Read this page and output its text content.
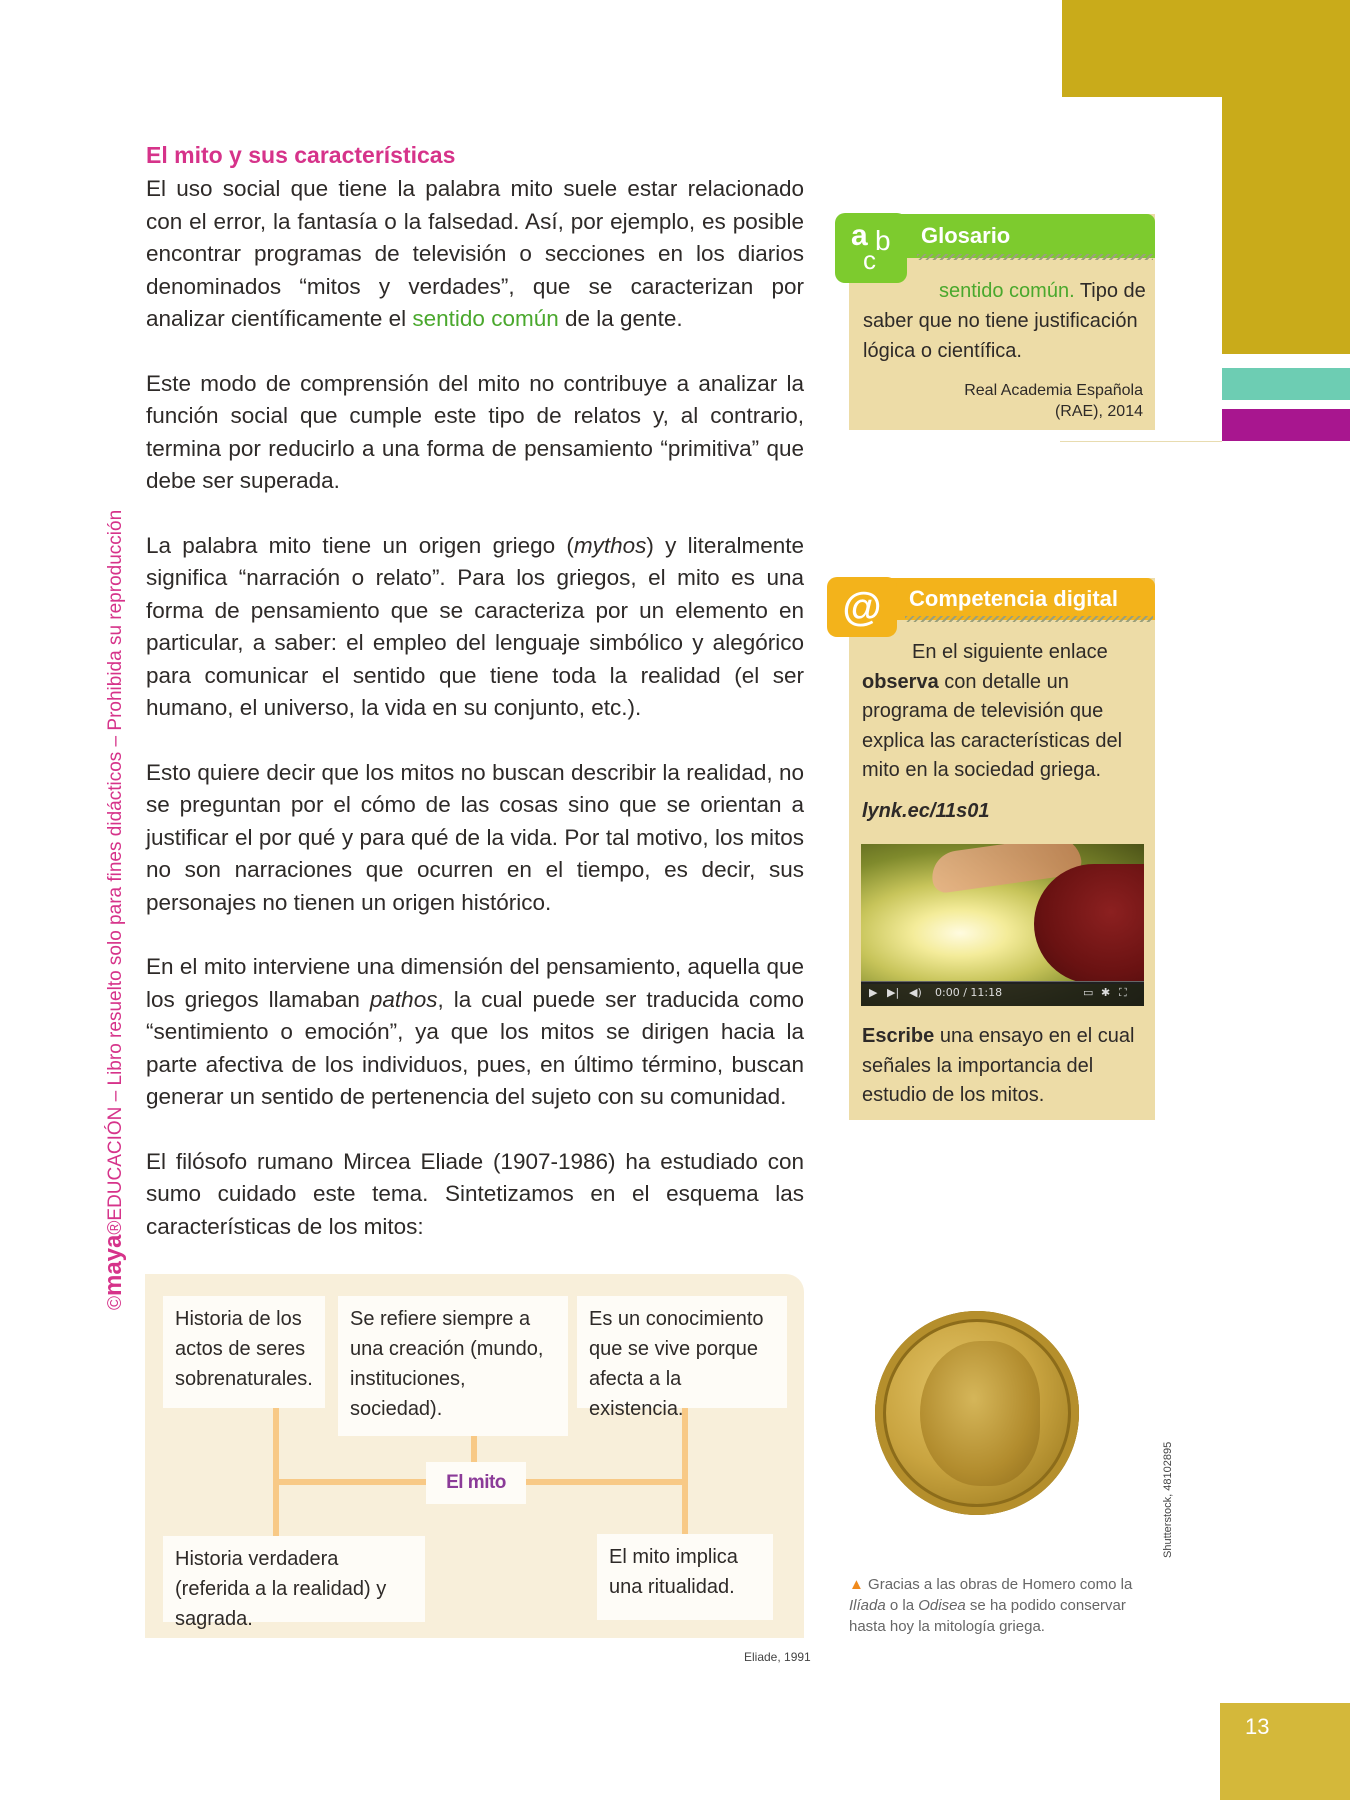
©maya®EDUCACIÓN – Libro resuelto solo para fines didácticos – Prohibida su reproducción
El mito y sus características

El uso social que tiene la palabra mito suele estar relacionado con el error, la fantasía o la falsedad. Así, por ejemplo, es posible encontrar programas de televisión o secciones en los diarios denominados “mitos y verdades”, que se caracterizan por analizar científicamente el sentido común de la gente.

Este modo de comprensión del mito no contribuye a analizar la función social que cumple este tipo de relatos y, al contrario, termina por reducirlo a una forma de pensamiento “primitiva” que debe ser superada.

La palabra mito tiene un origen griego (mythos) y literalmente significa “narración o relato”. Para los griegos, el mito es una forma de pensamiento que se caracteriza por un elemento en particular, a saber: el empleo del lenguaje simbólico y alegórico para comunicar el sentido que tiene toda la realidad (el ser humano, el universo, la vida en su conjunto, etc.).

Esto quiere decir que los mitos no buscan describir la realidad, no se preguntan por el cómo de las cosas sino que se orientan a justificar el por qué y para qué de la vida. Por tal motivo, los mitos no son narraciones que ocurren en el tiempo, es decir, sus personajes no tienen un origen histórico.

En el mito interviene una dimensión del pensamiento, aquella que los griegos llamaban pathos, la cual puede ser traducida como “sentimiento o emoción”, ya que los mitos se dirigen hacia la parte afectiva de los individuos, pues, en último término, buscan generar un sentido de pertenencia del sujeto con su comunidad.

El filósofo rumano Mircea Eliade (1907-1986) ha estudiado con sumo cuidado este tema. Sintetizamos en el esquema las características de los mitos:

Glosario
a b
c
sentido común. Tipo de saber que no tiene justificación lógica o científica.
Real Academia Española
(RAE), 2014
Competencia digital
@
En el siguiente enlace observa con detalle un programa de televisión que explica las características del mito en la sociedad griega.
lynk.ec/11s01
▶ ▶| ◀) 0:00 / 11:18	▭ ✱ ⛶
Escribe una ensayo en el cual señales la importancia del estudio de los mitos.
Historia de los actos de seres sobrenaturales.
Se refiere siempre a una creación (mundo, instituciones, sociedad).
Es un conocimiento que se vive porque afecta a la existencia.
El mito
Historia verdadera (referida a la realidad) y sagrada.
El mito implica una ritualidad.
Eliade, 1991
Shutterstock, 48102895
▲ Gracias a las obras de Homero como la Ilíada o la Odisea se ha podido conservar hasta hoy la mitología griega.
13
